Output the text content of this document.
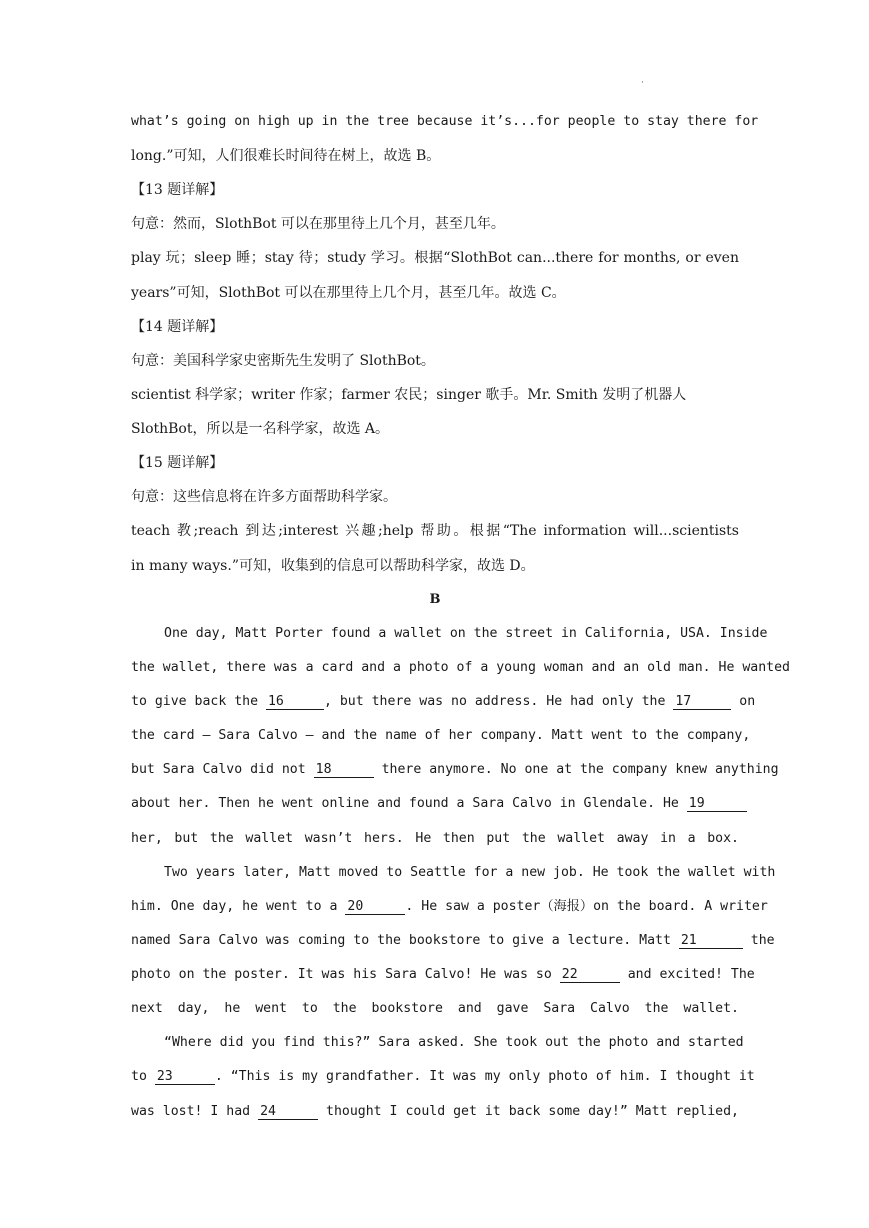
·
what’s going on high up in the tree because it’s...for people to stay there for
long.”可知，人们很难长时间待在树上，故选 B。
【13 题详解】
句意：然而，SlothBot 可以在那里待上几个月，甚至几年。
play 玩；sleep 睡；stay 待；study 学习。根据“SlothBot can...there for months, or even
years”可知，SlothBot 可以在那里待上几个月，甚至几年。故选 C。
【14 题详解】
句意：美国科学家史密斯先生发明了 SlothBot。
scientist 科学家；writer 作家；farmer 农民；singer 歌手。Mr. Smith 发明了机器人
SlothBot，所以是一名科学家，故选 A。
【15 题详解】
句意：这些信息将在许多方面帮助科学家。
teach 教;reach 到达;interest 兴趣;help 帮助。根据“The information will...scientists
in many ways.”可知，收集到的信息可以帮助科学家，故选 D。
B
One day, Matt Porter found a wallet on the street in California, USA. Inside
the wallet, there was a card and a photo of a young woman and an old man. He wanted
to give back the 16	, but there was no address. He had only the 17	on
the card — Sara Calvo — and the name of her company. Matt went to the company,
but Sara Calvo did not 18	there anymore. No one at the company knew anything
about her. Then he went online and found a Sara Calvo in Glendale. He 19
her, but the wallet wasn’t hers. He then put the wallet away in a box.
Two years later, Matt moved to Seattle for a new job. He took the wallet with
him. One day, he went to a 20	. He saw a poster（海报）on the board. A writer
named Sara Calvo was coming to the bookstore to give a lecture. Matt 21	the
photo on the poster. It was his Sara Calvo! He was so 22	and excited! The
next day, he went to the bookstore and gave Sara Calvo the wallet.
“Where did you find this?” Sara asked. She took out the photo and started
to 23	. “This is my grandfather. It was my only photo of him. I thought it
was lost! I had 24	thought I could get it back some day!” Matt replied,
